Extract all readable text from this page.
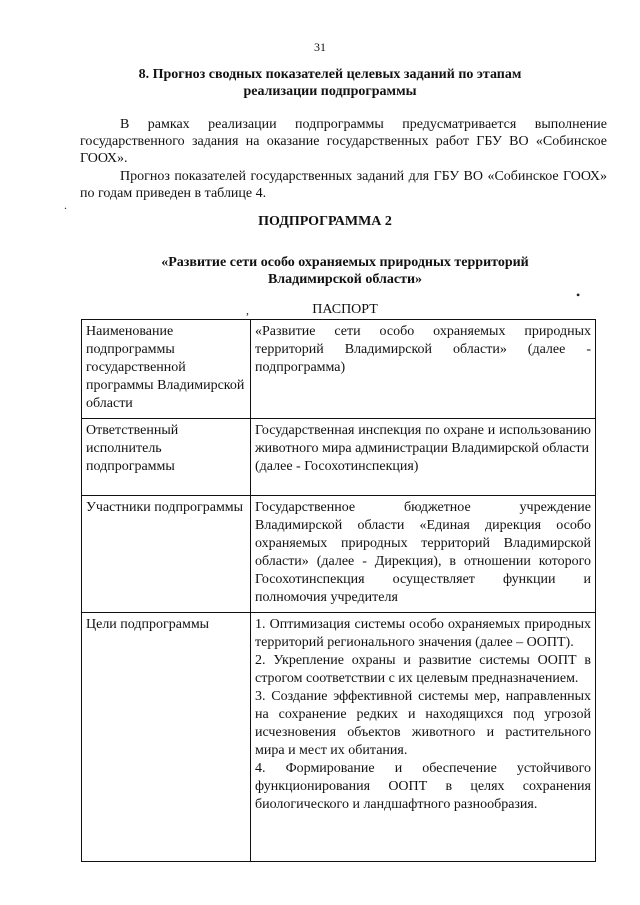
31
8. Прогноз сводных показателей целевых заданий по этапам
реализации подпрограммы
В рамках реализации подпрограммы предусматривается выполнение государственного задания на оказание государственных работ ГБУ ВО «Собинское ГООХ».
Прогноз показателей государственных заданий для ГБУ ВО «Собинское ГООХ» по годам приведен в таблице 4.
ПОДПРОГРАММА 2
«Развитие сети особо охраняемых природных территорий
Владимирской области»
ПАСПОРТ
Наименование подпрограммы государственной программы Владимирской области	«Развитие сети особо охраняемых природных территорий Владимирской области» (далее - подпрограмма)
Ответственный исполнитель подпрограммы	Государственная инспекция по охране и использованию животного мира администрации Владимирской области
(далее - Госохотинспекция)

Участники подпрограммы	Государственное бюджетное учреждение Владимирской области «Единая дирекция особо охраняемых природных территорий Владимирской области» (далее - Дирекция), в отношении которого Госохотинспекция осуществляет функции и полномочия учредителя
Цели подпрограммы	1. Оптимизация системы особо охраняемых природных территорий регионального значения (далее – ООПТ).
2. Укрепление охраны и развитие системы ООПТ в строгом соответствии с их целевым предназначением.
3. Создание эффективной системы мер, направленных на сохранение редких и находящихся под угрозой исчезновения объектов животного и растительного мира и мест их обитания.
4. Формирование и обеспечение устойчивого функционирования ООПТ в целях сохранения биологического и ландшафтного разнообразия.
.
•
,
